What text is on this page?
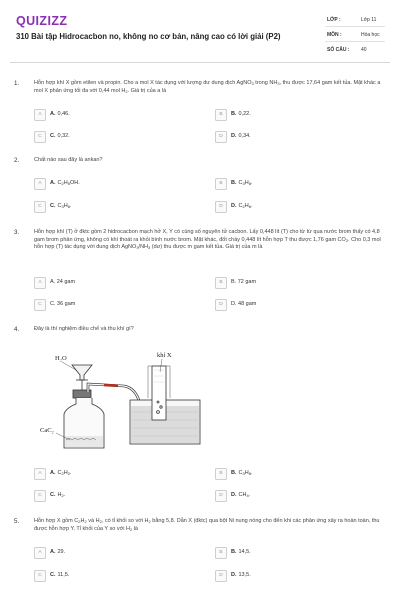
QUIZIZZ
310 Bài tập Hidrocacbon no, không no cơ bản, nâng cao có lời giải (P2)
LỚP :	Lớp 11
MÔN :	Hóa học
SỐ CÂU : 40
1.	Hỗn hợp khí X gồm etilen và propin. Cho a mol X tác dụng với lượng dư dung dịch AgNO$_3$ trong $NH_3$, thu được 17,64 gam kết tủa. Mặt khác a mol X phản ứng tối đa với 0,44 mol $H_2$. Giá trị của a là
A	A. 0,46.	B	B. 0,22.
C	C. 0,32.	D	D. 0,34.
2.	Chất nào sau đây là ankan?
A	A. $C_2H_5OH$.	B	B. $C_3H_8$.
C	C. $C_3H_6$.	D	D. $C_2H_6$.
3.	Hỗn hợp khí (T) ở đktc gồm 2 hidrocacbon mạch hở X, Y có cùng số nguyên tử cacbon. Lấy 0,448 lít (T) cho từ từ qua nước brom thấy có 4,8 gam brom phản ứng, không có khí thoát ra khỏi bình nước brom. Mặt khác, đốt cháy 0,448 lít hỗn hợp T thu được 1,76 gam $CO_2$. Cho 0,3 mol hỗn hợp (T) tác dụng với dung dịch $AgNO_3/NH_3$ (dư) thu được m gam kết tủa. Giá trị của m là
A	A. 24 gam	B	B. 72 gam
C	C. 36 gam	D	D. 48 gam
4.	Đây là thí nghiệm điều chế và thu khí gì?
H₂O	khí X
CaC₂
A	A. $C_2H_2$.	B	B. $C_3H_8$.
C	C. $H_2$.	D	D. $CH_4$.
5.	Hỗn hợp X gồm $C_2H_2$ và $H_2$, có tỉ khối so với $H_2$ bằng 5,8. Dẫn X (đktc) qua bột Ni nung nóng cho đến khi các phản ứng xảy ra hoàn toàn, thu được hỗn hợp Y. Tỉ khối của Y so với $H_2$ là
A	A. 29.	B	B. 14,5.
C	C. 11,5.	D	D. 13,5.
